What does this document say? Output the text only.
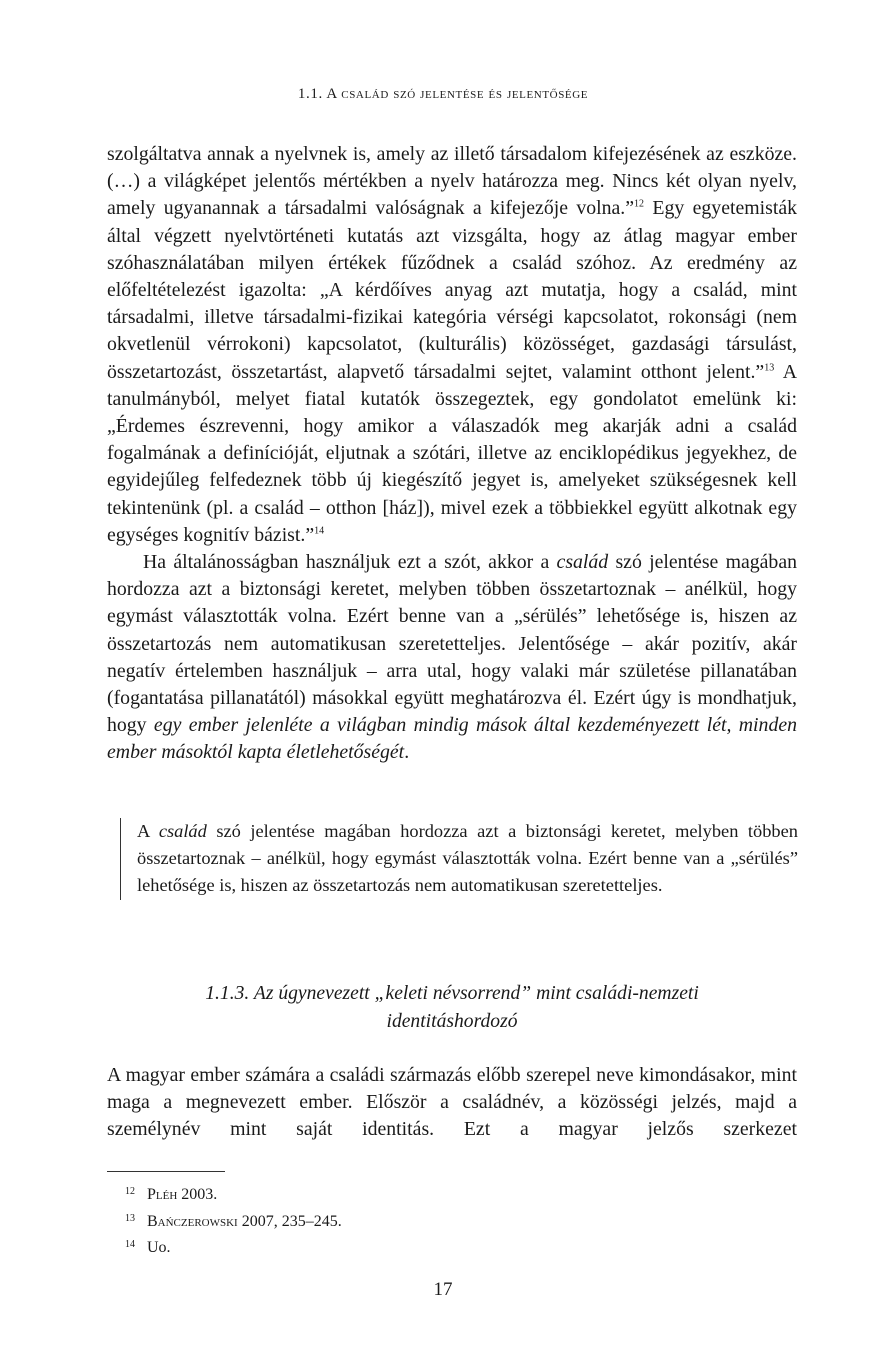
1.1. A család szó jelentése és jelentősége

szolgáltatva annak a nyelvnek is, amely az illető társadalom kifejezésének az eszköze. (…) a világképet jelentős mértékben a nyelv határozza meg. Nincs két olyan nyelv, amely ugyanannak a társadalmi valóságnak a kifejezője volna.”$^{12}$ Egy egyetemisták által végzett nyelvtörténeti kutatás azt vizsgálta, hogy az átlag magyar ember szóhasználatában milyen értékek fűződnek a család szóhoz. Az eredmény az előfeltételezést igazolta: „A kérdőíves anyag azt mutatja, hogy a család, mint társadalmi, illetve társadalmi-fizikai kategória vérségi kapcsolatot, rokonsági (nem okvetlenül vérrokoni) kapcsolatot, (kulturális) közösséget, gazdasági társulást, összetartozást, összetartást, alapvető társadalmi sejtet, valamint otthont jelent.”$^{13}$ A tanulmányból, melyet fiatal kutatók összegeztek, egy gondolatot emelünk ki: „Érdemes észrevenni, hogy amikor a válaszadók meg akarják adni a család fogalmának a definícióját, eljutnak a szótári, illetve az enciklopédikus jegyekhez, de egyidejűleg felfedeznek több új kiegészítő jegyet is, amelyeket szükségesnek kell tekintenünk (pl. a család – otthon [ház]), mivel ezek a többiekkel együtt alkotnak egy egységes kognitív bázist.”$^{14}$

Ha általánosságban használjuk ezt a szót, akkor a család szó jelentése magában hordozza azt a biztonsági keretet, melyben többen összetartoznak – anélkül, hogy egymást választották volna. Ezért benne van a „sérülés” lehetősége is, hiszen az összetartozás nem automatikusan szeretetteljes. Jelentősége – akár pozitív, akár negatív értelemben használjuk – arra utal, hogy valaki már születése pillanatában (fogantatása pillanatától) másokkal együtt meghatározva él. Ezért úgy is mondhatjuk, hogy egy ember jelenléte a világban mindig mások által kezdeményezett lét, minden ember másoktól kapta életlehetőségét.

A család szó jelentése magában hordozza azt a biztonsági keretet, melyben többen összetartoznak – anélkül, hogy egymást választották volna. Ezért benne van a „sérülés” lehetősége is, hiszen az összetartozás nem automatikusan szeretetteljes.
1.1.3. Az úgynevezett „keleti névsorrend” mint családi-nemzeti
identitáshordozó

A magyar ember számára a családi származás előbb szerepel neve kimondásakor, mint maga a megnevezett ember. Először a családnév, a közösségi jelzés, majd a személynév mint saját identitás. Ezt a magyar jelzős szerkezet

12 Pléh 2003.
13 Bańczerowski 2007, 235–245.
14 Uo.
17
